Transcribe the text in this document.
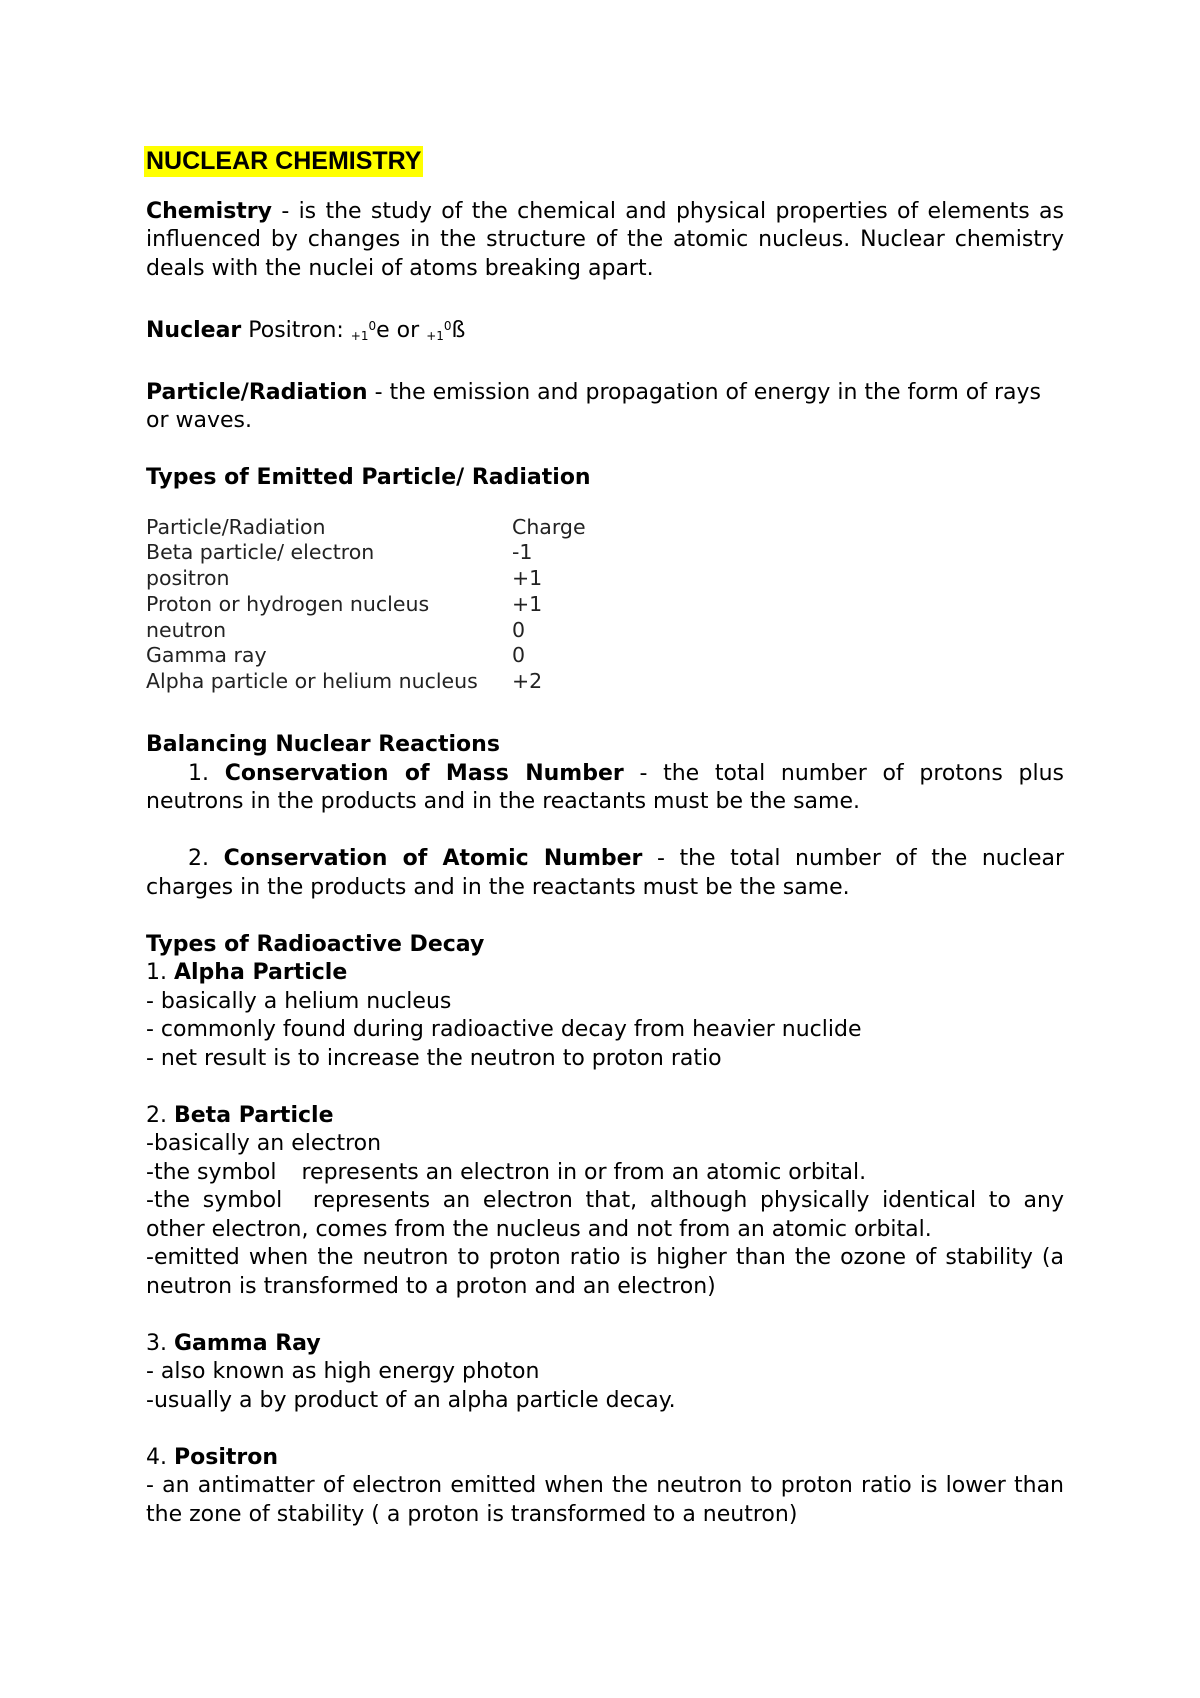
NUCLEAR CHEMISTRY

Chemistry - is the study of the chemical and physical properties of elements as influenced by changes in the structure of the atomic nucleus. Nuclear chemistry deals with the nuclei of atoms breaking apart.

Nuclear Positron: $_{+1}^0$e or $_{+1}^0$ß

Particle/Radiation - the emission and propagation of energy in the form of rays or waves.

Types of Emitted Particle/ Radiation

Particle/Radiation	Charge
Beta particle/ electron	-1
positron	+1
Proton or hydrogen nucleus	+1
neutron	0
Gamma ray	0
Alpha particle or helium nucleus	+2

Balancing Nuclear Reactions

1. Conservation of Mass Number - the total number of protons plus neutrons in the products and in the reactants must be the same.

2. Conservation of Atomic Number - the total number of the nuclear charges in the products and in the reactants must be the same.

Types of Radioactive Decay

1. Alpha Particle

- basically a helium nucleus

- commonly found during radioactive decay from heavier nuclide

- net result is to increase the neutron to proton ratio

2. Beta Particle

-basically an electron

-the symbol represents an electron in or from an atomic orbital.

-the symbol represents an electron that, although physically identical to any other electron, comes from the nucleus and not from an atomic orbital.

-emitted when the neutron to proton ratio is higher than the ozone of stability (a neutron is transformed to a proton and an electron)

3. Gamma Ray

- also known as high energy photon

-usually a by product of an alpha particle decay.

4. Positron

- an antimatter of electron emitted when the neutron to proton ratio is lower than the zone of stability ( a proton is transformed to a neutron)
